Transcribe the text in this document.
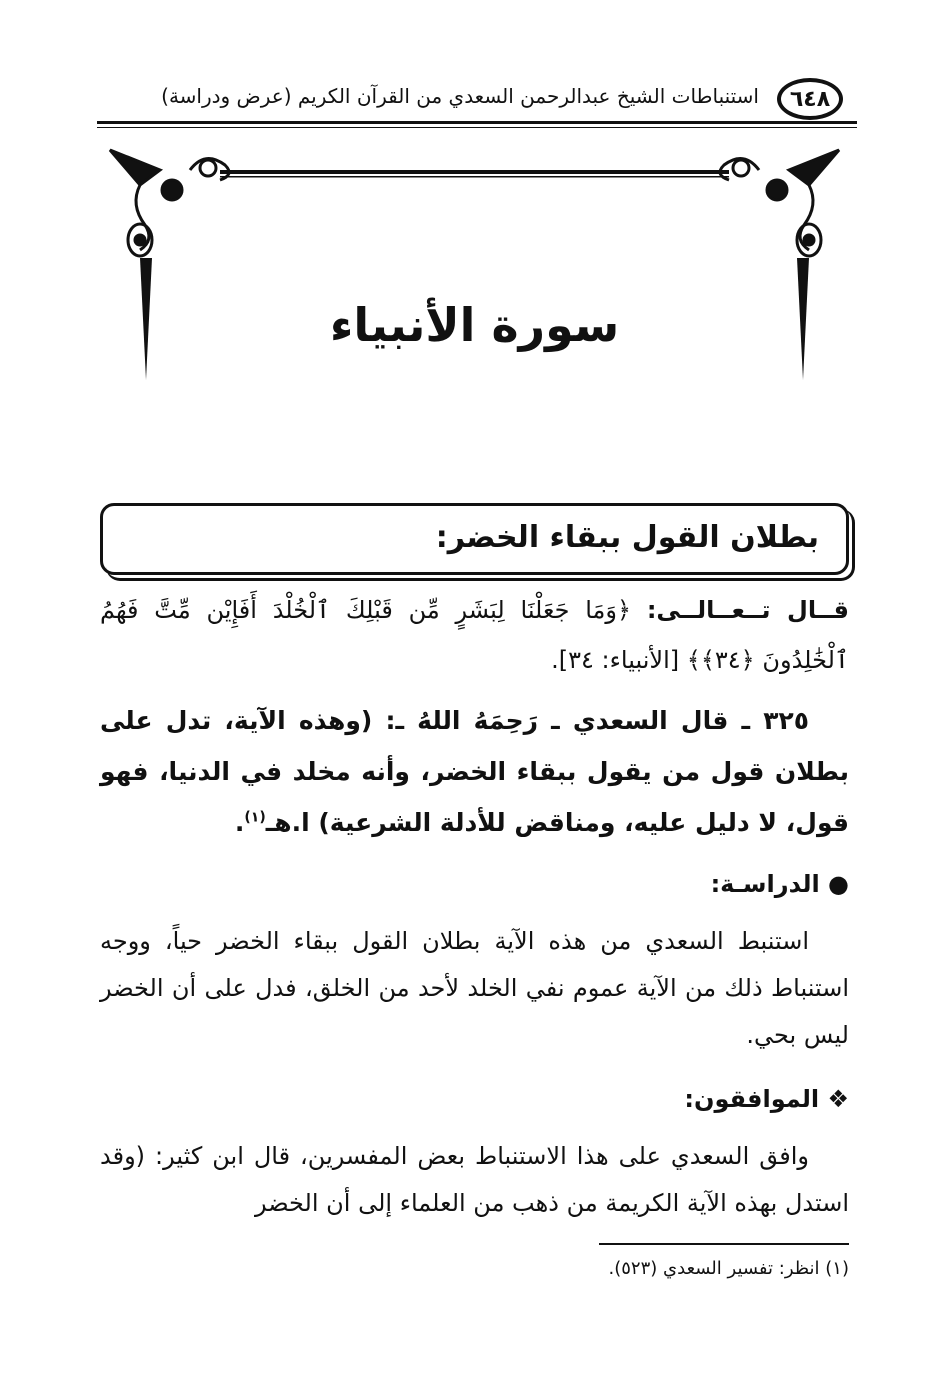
٦٤٨
استنباطات الشيخ عبدالرحمن السعدي من القرآن الكريم (عرض ودراسة)
سورة الأنبياء
بطلان القول ببقاء الخضر:
قــال تــعــالــى: ﴿وَمَا جَعَلْنَا لِبَشَرٍ مِّن قَبْلِكَ ٱلْخُلْدَ أَفَإِيْن مِّتَّ فَهُمُ ٱلْخَٰلِدُونَ ﴿٣٤﴾﴾ [الأنبياء: ٣٤].
٣٢٥ ـ قال السعدي ـ رَحِمَهُ اللهُ ـ: (وهذه الآية، تدل على بطلان قول من يقول ببقاء الخضر، وأنه مخلد في الدنيا، فهو قول، لا دليل عليه، ومناقض للأدلة الشرعية) ا.هـ$^{(١)}$.
● الدراسـة:
استنبط السعدي من هذه الآية بطلان القول ببقاء الخضر حياً، ووجه استنباط ذلك من الآية عموم نفي الخلد لأحد من الخلق، فدل على أن الخضر ليس بحي.
❖ الموافقون:
وافق السعدي على هذا الاستنباط بعض المفسرين، قال ابن كثير: (وقد استدل بهذه الآية الكريمة من ذهب من العلماء إلى أن الخضر
(١) انظر: تفسير السعدي (٥٢٣).
